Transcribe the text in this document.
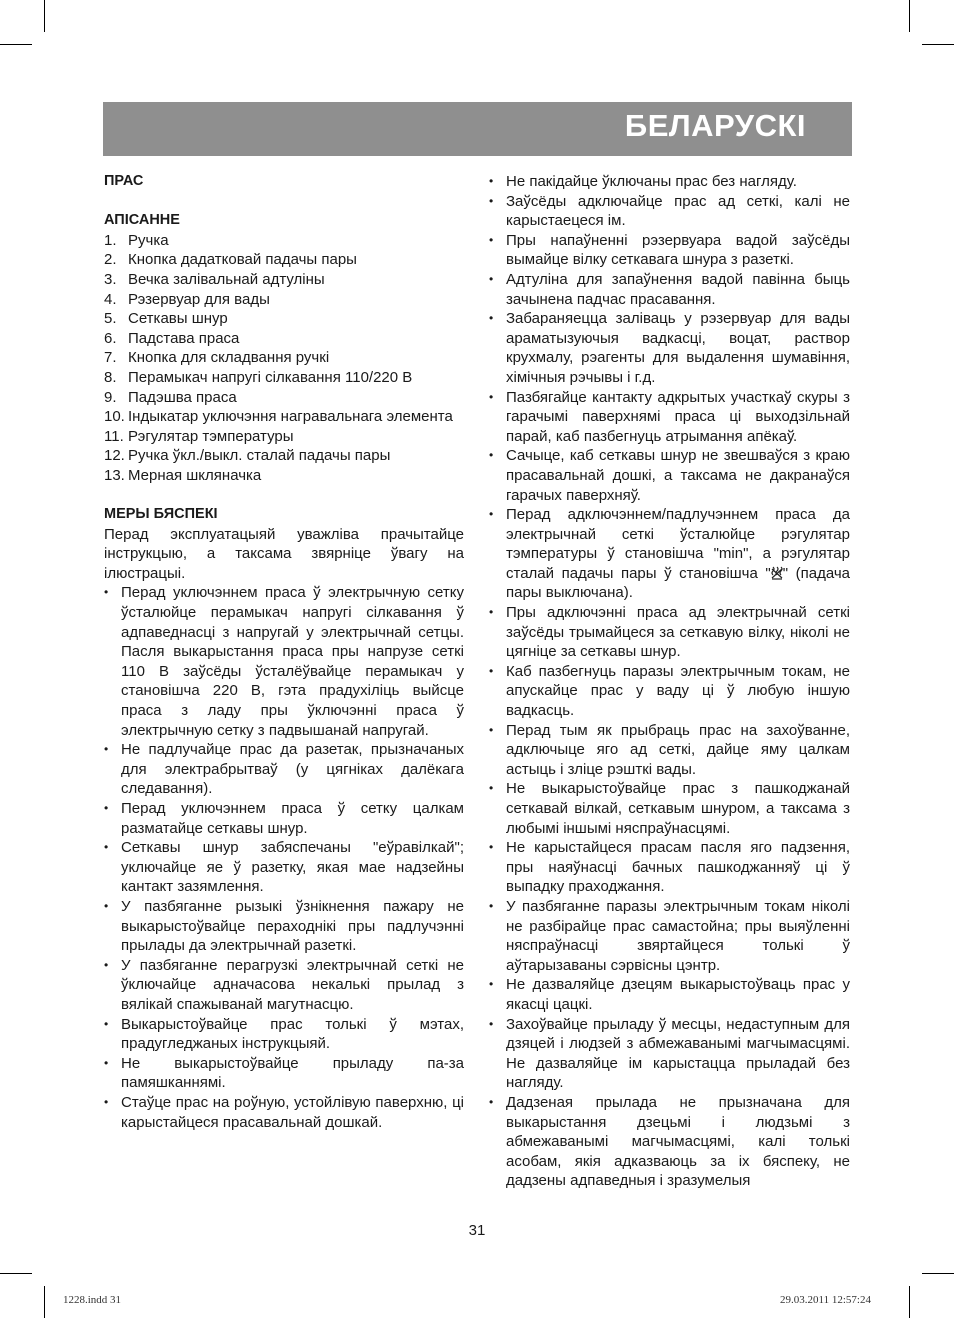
БЕЛАРУСКІ

ПРАС

АПІСАННЕ

1. Ручка
2. Кнопка дадатковай падачы пары
3. Вечка залівальнай адтуліны
4. Рэзервуар для вады
5. Сеткавы шнур
6. Падстава праса
7. Кнопка для складвання ручкі
8. Перамыкач напругі сілкавання 110/220 В
9. Падэшва праса
10. Індыкатар уключэння награвальнага элемента
11. Рэгулятар тэмпературы
12. Ручка ўкл./выкл. сталай падачы пары
13. Мерная шкляначка

МЕРЫ БЯСПЕКІ

Перад эксплуатацыяй уважліва прачытайце інструкцыю, а таксама звярніце ўвагу на ілюстрацыі.

• Перад уключэннем праса ў электрычную сетку ўсталюйце перамыкач напругі сілкавання ў адпаведнасці з напругай у электрычнай сетцы. Пасля выкарыстання праса пры напрузе сеткі 110 В заўсёды ўсталёўвайце перамыкач у становішча 220 В, гэта прадухіліць выйсце праса з ладу пры ўключэнні праса ў электрычную сетку з падвышанай напругай.
• Не падлучайце прас да разетак, прызначаных для электрабрытваў (у цягніках далёкага следавання).
• Перад уключэннем праса ў сетку цалкам разматайце сеткавы шнур.
• Сеткавы шнур забяспечаны "еўравілкай"; уключайце яе ў разетку, якая мае надзейны кантакт зазямлення.
• У пазбяганне рызыкі ўзнікнення пажару не выкарыстоўвайце пераходнікі пры падлучэнні прылады да электрычнай разеткі.
• У пазбяганне перагрузкі электрычнай сеткі не ўключайце адначасова некалькі прылад з вялікай спажыванай магутнасцю.
• Выкарыстоўвайце прас толькі ў мэтах, прадугледжаных інструкцыяй.
• Не выкарыстоўвайце прыладу па-за памяшканнямі.
• Стаўце прас на роўную, устойлівую паверхню, ці карыстайцеся прасавальнай дошкай.
• Не пакідайце ўключаны прас без нагляду.
• Заўсёды адключайце прас ад сеткі, калі не карыстаецеся ім.
• Пры напаўненні рэзервуара вадой заўсёды вымайце вілку сеткавага шнура з разеткі.
• Адтуліна для запаўнення вадой павінна быць зачынена падчас прасавання.
• Забараняецца заліваць у рэзервуар для вады араматызуючыя вадкасці, воцат, раствор крухмалу, рэагенты для выдалення шумавіння, хімічныя рэчывы і г.д.
• Пазбягайце кантакту адкрытых участкаў скуры з гарачымі паверхнямі праса ці выходзільнай парай, каб пазбегнуць атрымання апёкаў.
• Сачыце, каб сеткавы шнур не звешваўся з краю прасавальнай дошкі, а таксама не дакранаўся гарачых паверхняў.
• Перад адключэннем/падлучэннем праса да электрычнай сеткі ўсталюйце рэгулятар тэмпературы ў становішча "min", а рэгулятар сталай падачы пары ў становішча " " (падача пары выключана).
• Пры адключэнні праса ад электрычнай сеткі заўсёды трымайцеся за сеткавую вілку, ніколі не цягніце за сеткавы шнур.
• Каб пазбегнуць паразы электрычным токам, не апускайце прас у ваду ці ў любую іншую вадкасць.
• Перад тым як прыбраць прас на захоўванне, адключыце яго ад сеткі, дайце яму цалкам астыць і зліце рэшткі вады.
• Не выкарыстоўвайце прас з пашкоджанай сеткавай вілкай, сеткавым шнуром, а таксама з любымі іншымі няспраўнасцямі.
• Не карыстайцеся прасам пасля яго падзення, пры наяўнасці бачных пашкоджанняў ці ў выпадку праходжання.
• У пазбяганне паразы электрычным токам ніколі не разбірайце прас самастойна; пры выяўленні няспраўнасці звяртайцеся толькі ў аўтарызаваны сэрвісны цэнтр.
• Не дазваляйце дзецям выкарыстоўваць прас у якасці цацкі.
• Захоўвайце прыладу ў месцы, недаступным для дзяцей і людзей з абмежаванымі магчымасцямі. Не дазваляйце ім карыстацца прыладай без нагляду.
• Дадзеная прылада не прызначана для выкарыстання дзецьмі і людзьмі з абмежаванымі магчымасцямі, калі толькі асобам, якія адказваюць за іх бяспеку, не дадзены адпаведныя і зразумелыя
31
1228.indd 31	29.03.2011 12:57:24
